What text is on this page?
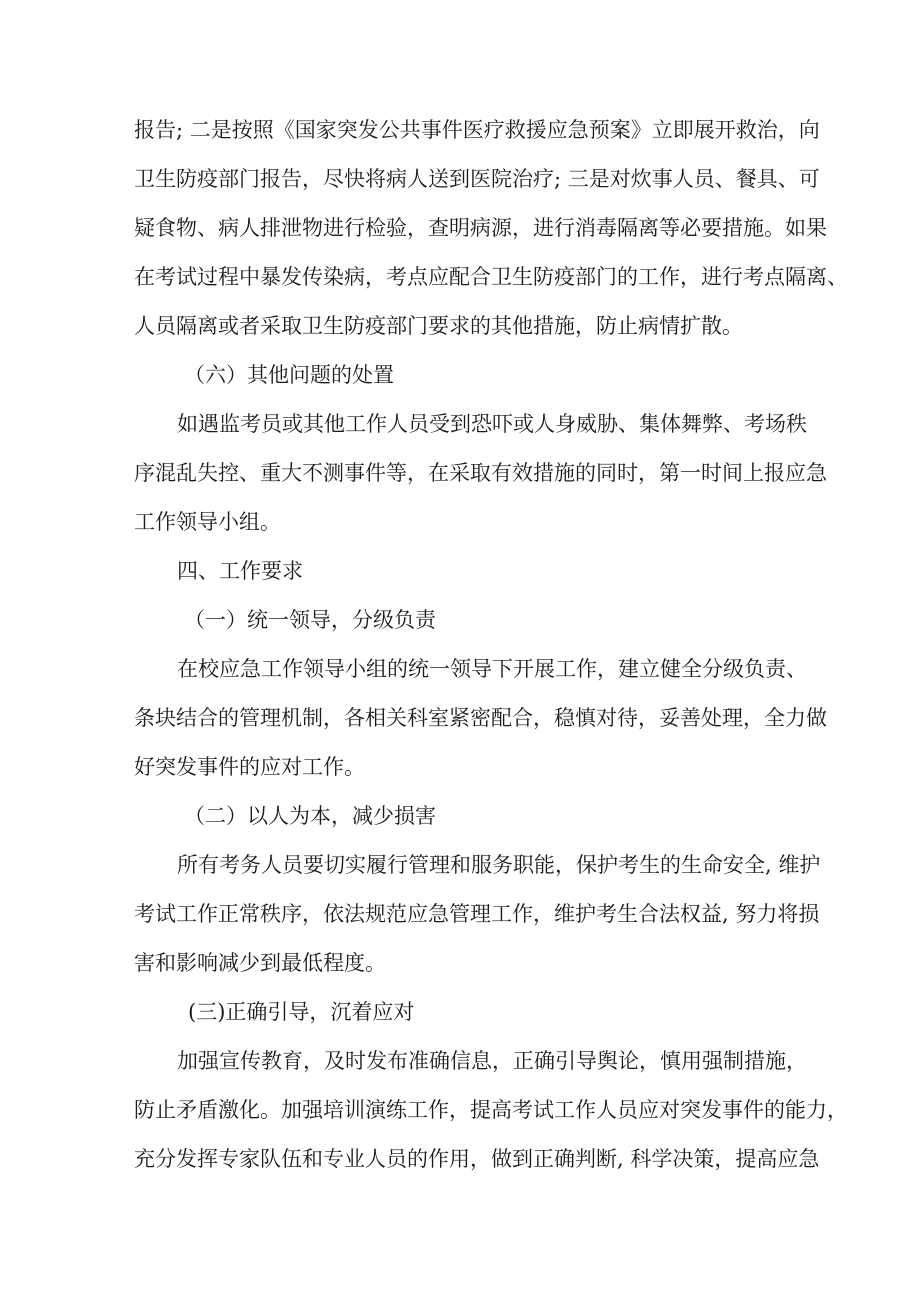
报告; 二是按照《国家突发公共事件医疗救援应急预案》立即展开救治，向
卫生防疫部门报告，尽快将病人送到医院治疗; 三是对炊事人员、餐具、可
疑食物、病人排泄物进行检验，查明病源，进行消毒隔离等必要措施。如果
在考试过程中暴发传染病，考点应配合卫生防疫部门的工作，进行考点隔离、
人员隔离或者采取卫生防疫部门要求的其他措施，防止病情扩散。
（六）其他问题的处置
如遇监考员或其他工作人员受到恐吓或人身威胁、集体舞弊、考场秩
序混乱失控、重大不测事件等，在采取有效措施的同时，第一时间上报应急
工作领导小组。
四、工作要求
（一）统一领导，分级负责
在校应急工作领导小组的统一领导下开展工作，建立健全分级负责、
条块结合的管理机制，各相关科室紧密配合，稳慎对待，妥善处理，全力做
好突发事件的应对工作。
（二）以人为本，减少损害
所有考务人员要切实履行管理和服务职能，保护考生的生命安全, 维护
考试工作正常秩序，依法规范应急管理工作，维护考生合法权益, 努力将损
害和影响减少到最低程度。
(三)正确引导，沉着应对
加强宣传教育，及时发布准确信息，正确引导舆论，慎用强制措施，
防止矛盾激化。加强培训演练工作，提高考试工作人员应对突发事件的能力，
充分发挥专家队伍和专业人员的作用，做到正确判断, 科学决策，提高应急
